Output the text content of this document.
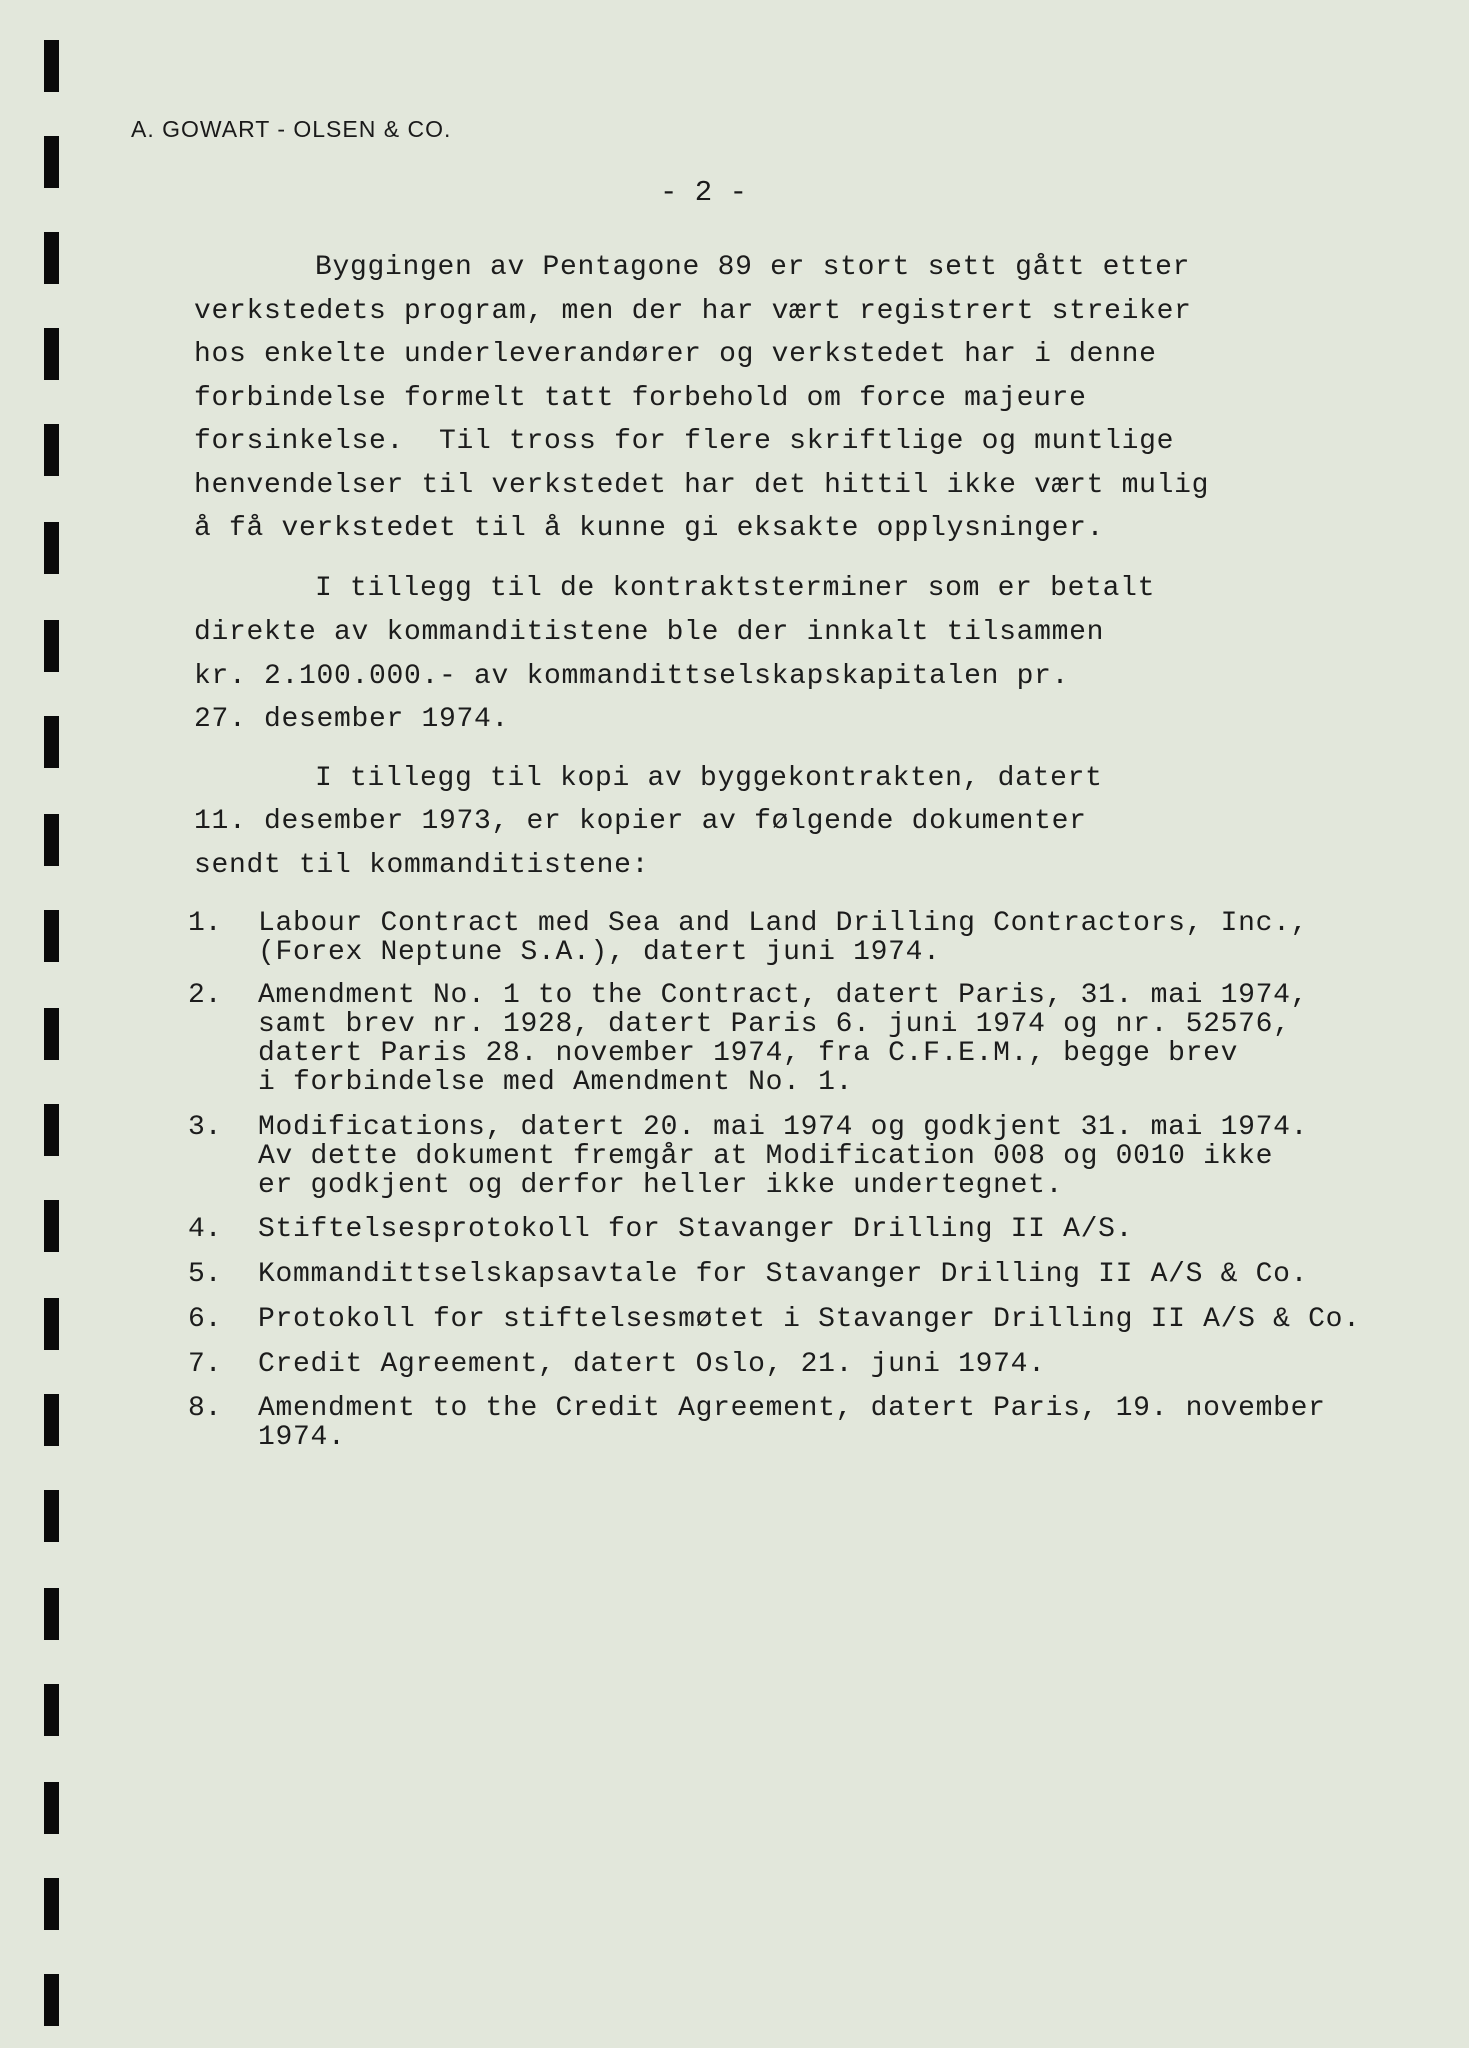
A. GOWART - OLSEN & CO.
- 2 -
Byggingen av Pentagone 89 er stort sett gått etter
verkstedets program, men der har vært registrert streiker
hos enkelte underleverandører og verkstedet har i denne
forbindelse formelt tatt forbehold om force majeure
forsinkelse.  Til tross for flere skriftlige og muntlige
henvendelser til verkstedet har det hittil ikke vært mulig
å få verkstedet til å kunne gi eksakte opplysninger.
I tillegg til de kontraktsterminer som er betalt
direkte av kommanditistene ble der innkalt tilsammen
kr. 2.100.000.- av kommandittselskapskapitalen pr.
27. desember 1974.
I tillegg til kopi av byggekontrakten, datert
11. desember 1973, er kopier av følgende dokumenter
sendt til kommanditistene:
1. Labour Contract med Sea and Land Drilling Contractors, Inc.,
(Forex Neptune S.A.), datert juni 1974.
2. Amendment No. 1 to the Contract, datert Paris, 31. mai 1974,
samt brev nr. 1928, datert Paris 6. juni 1974 og nr. 52576,
datert Paris 28. november 1974, fra C.F.E.M., begge brev
i forbindelse med Amendment No. 1.
3. Modifications, datert 20. mai 1974 og godkjent 31. mai 1974.
Av dette dokument fremgår at Modification 008 og 0010 ikke
er godkjent og derfor heller ikke undertegnet.
4. Stiftelsesprotokoll for Stavanger Drilling II A/S.
5. Kommandittselskapsavtale for Stavanger Drilling II A/S & Co.
6. Protokoll for stiftelsesmøtet i Stavanger Drilling II A/S & Co.
7. Credit Agreement, datert Oslo, 21. juni 1974.
8. Amendment to the Credit Agreement, datert Paris, 19. november
1974.
